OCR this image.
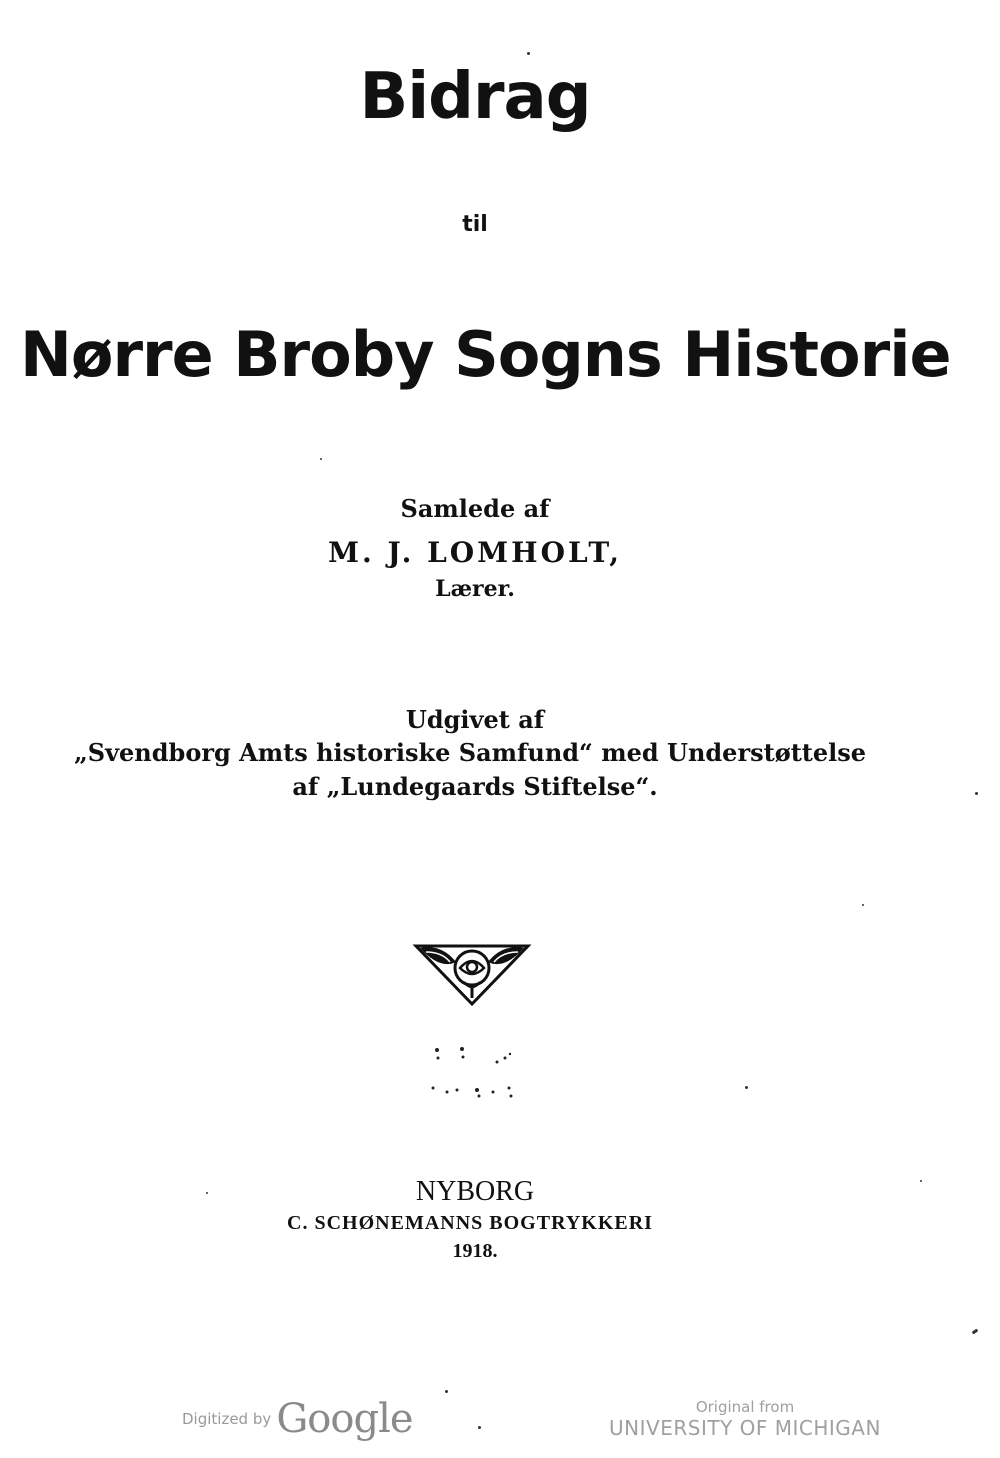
Bidrag
til
Nørre Broby Sogns Historie
Samlede af
M. J. LOMHOLT,
Lærer.
Udgivet af
„Svendborg Amts historiske Samfund“ med Understøttelse
af „Lundegaards Stiftelse“.
NYBORG
C. SCHØNEMANNS BOGTRYKKERI
1918.
Digitized by Google	Original from
UNIVERSITY OF MICHIGAN
